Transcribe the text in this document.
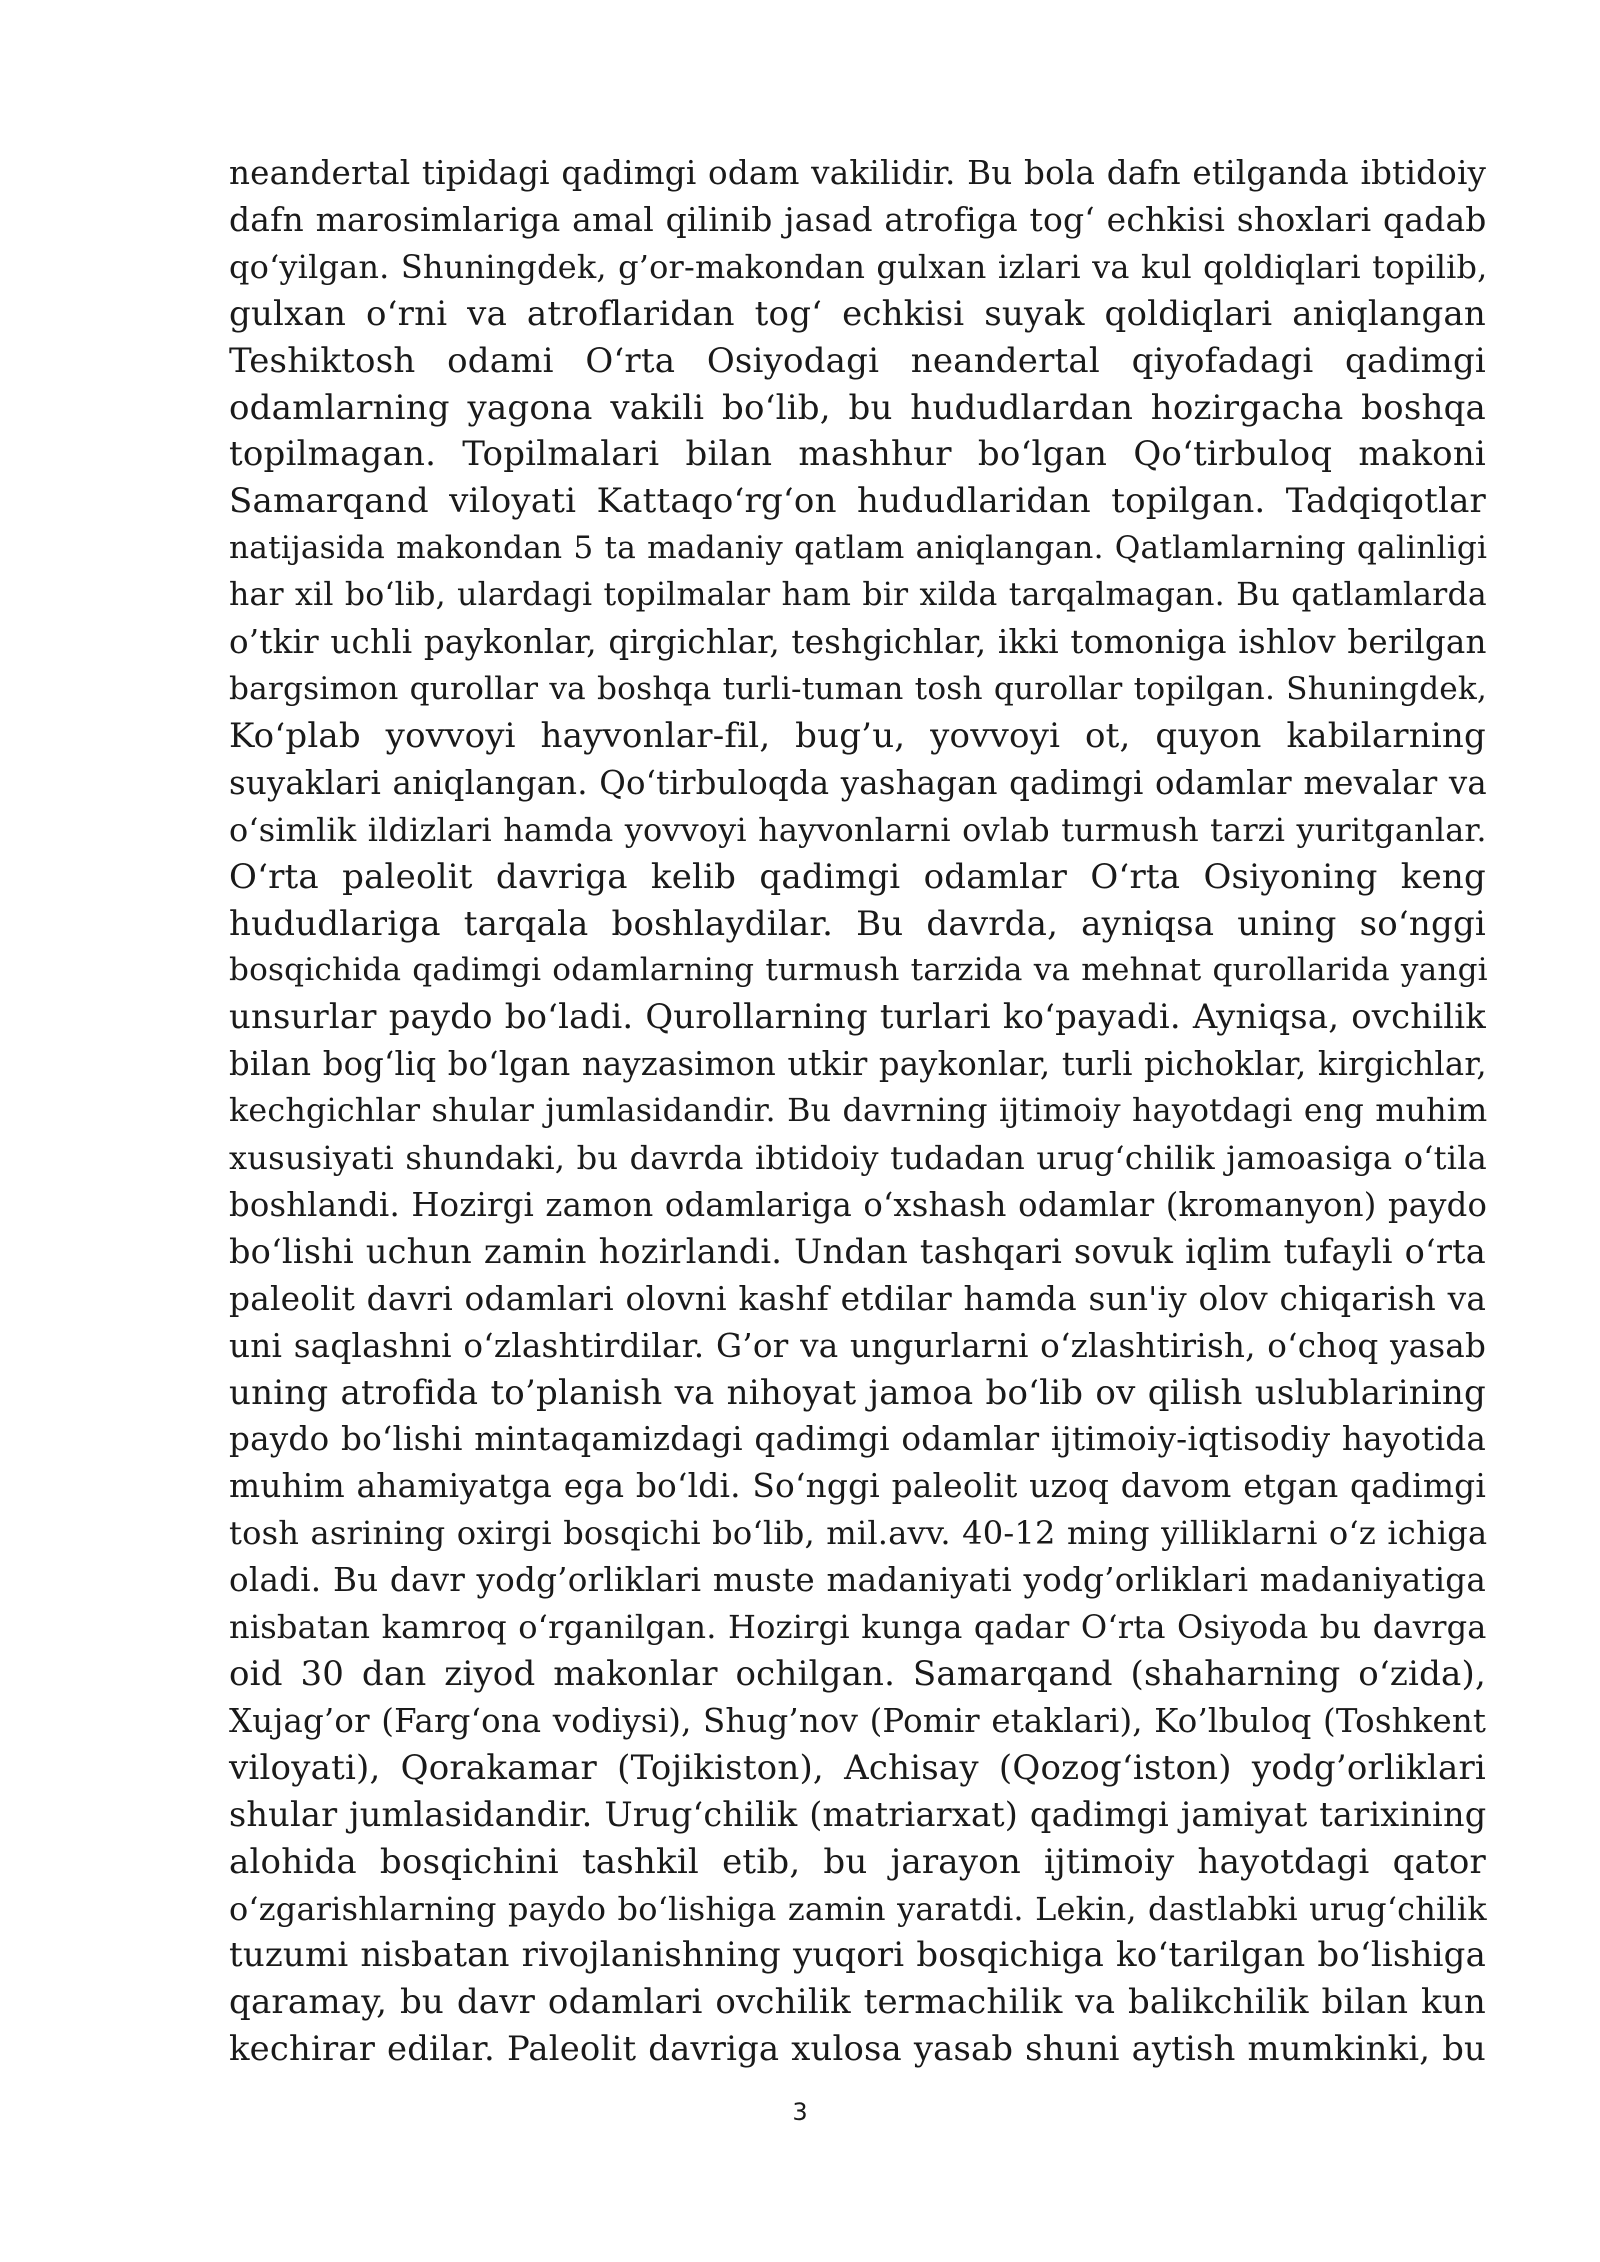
neandertal tipidagi qadimgi odam vakilidir. Bu bola dafn etilganda ibtidoiy
dafn marosimlariga amal qilinib jasad atrofiga tog‘ echkisi shoxlari qadab
qo‘yilgan. Shuningdek, g’or-makondan gulxan izlari va kul qoldiqlari topilib,
gulxan o‘rni va atroflaridan tog‘ echkisi suyak qoldiqlari aniqlangan
Teshiktosh odami O‘rta Osiyodagi neandertal qiyofadagi qadimgi
odamlarning yagona vakili bo‘lib, bu hududlardan hozirgacha boshqa
topilmagan. Topilmalari bilan mashhur bo‘lgan Qo‘tirbuloq makoni
Samarqand viloyati Kattaqo‘rg‘on hududlaridan topilgan. Tadqiqotlar
natijasida makondan 5 ta madaniy qatlam aniqlangan. Qatlamlarning qalinligi
har xil bo‘lib, ulardagi topilmalar ham bir xilda tarqalmagan. Bu qatlamlarda
o’tkir uchli paykonlar, qirgichlar, teshgichlar, ikki tomoniga ishlov berilgan
bargsimon qurollar va boshqa turli-tuman tosh qurollar topilgan. Shuningdek,
Ko‘plab yovvoyi hayvonlar-fil, bug’u, yovvoyi ot, quyon kabilarning
suyaklari aniqlangan. Qo‘tirbuloqda yashagan qadimgi odamlar mevalar va
o‘simlik ildizlari hamda yovvoyi hayvonlarni ovlab turmush tarzi yuritganlar.
O‘rta paleolit davriga kelib qadimgi odamlar O‘rta Osiyoning keng
hududlariga tarqala boshlaydilar. Bu davrda, ayniqsa uning so‘nggi
bosqichida qadimgi odamlarning turmush tarzida va mehnat qurollarida yangi
unsurlar paydo bo‘ladi. Qurollarning turlari ko‘payadi. Ayniqsa, ovchilik
bilan bog‘liq bo‘lgan nayzasimon utkir paykonlar, turli pichoklar, kirgichlar,
kechgichlar shular jumlasidandir. Bu davrning ijtimoiy hayotdagi eng muhim
xususiyati shundaki, bu davrda ibtidoiy tudadan urug‘chilik jamoasiga o‘tila
boshlandi. Hozirgi zamon odamlariga o‘xshash odamlar (kromanyon) paydo
bo‘lishi uchun zamin hozirlandi. Undan tashqari sovuk iqlim tufayli o‘rta
paleolit davri odamlari olovni kashf etdilar hamda sun'iy olov chiqarish va
uni saqlashni o‘zlashtirdilar. G’or va ungurlarni o‘zlashtirish, o‘choq yasab
uning atrofida to’planish va nihoyat jamoa bo‘lib ov qilish uslublarining
paydo bo‘lishi mintaqamizdagi qadimgi odamlar ijtimoiy-iqtisodiy hayotida
muhim ahamiyatga ega bo‘ldi. So‘nggi paleolit uzoq davom etgan qadimgi
tosh asrining oxirgi bosqichi bo‘lib, mil.avv. 40-12 ming yilliklarni o‘z ichiga
oladi. Bu davr yodg’orliklari muste madaniyati yodg’orliklari madaniyatiga
nisbatan kamroq o‘rganilgan. Hozirgi kunga qadar O‘rta Osiyoda bu davrga
oid 30 dan ziyod makonlar ochilgan. Samarqand (shaharning o‘zida),
Xujag’or (Farg‘ona vodiysi), Shug’nov (Pomir etaklari), Ko’lbuloq (Toshkent
viloyati), Qorakamar (Tojikiston), Achisay (Qozog‘iston) yodg’orliklari
shular jumlasidandir. Urug‘chilik (matriarxat) qadimgi jamiyat tarixining
alohida bosqichini tashkil etib, bu jarayon ijtimoiy hayotdagi qator
o‘zgarishlarning paydo bo‘lishiga zamin yaratdi. Lekin, dastlabki urug‘chilik
tuzumi nisbatan rivojlanishning yuqori bosqichiga ko‘tarilgan bo‘lishiga
qaramay, bu davr odamlari ovchilik termachilik va balikchilik bilan kun
kechirar edilar. Paleolit davriga xulosa yasab shuni aytish mumkinki, bu
3
